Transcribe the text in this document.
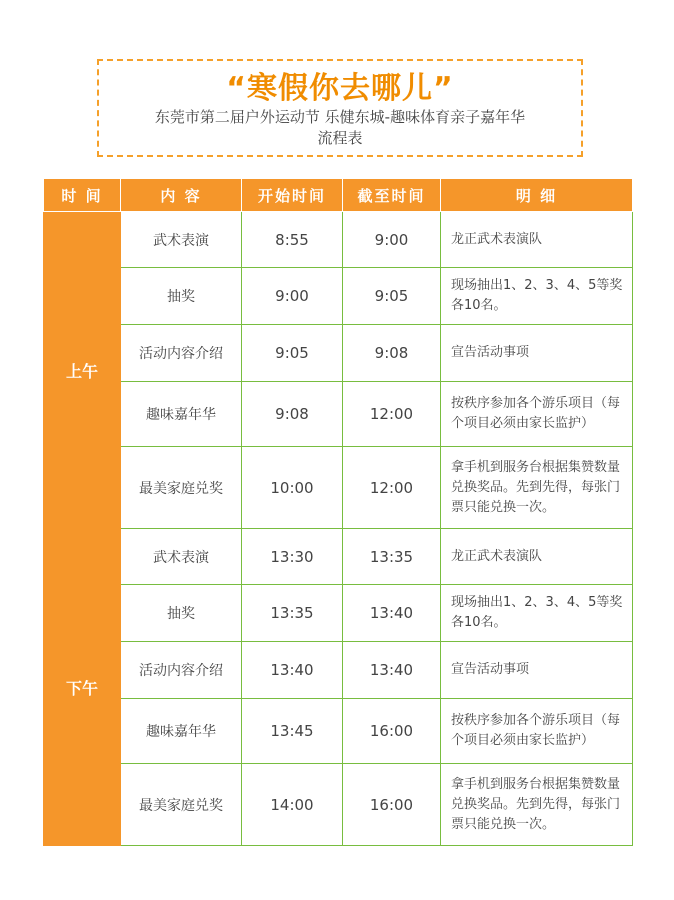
“寒假你去哪儿”
东莞市第二届户外运动节 乐健东城-趣味体育亲子嘉年华
流程表
时 间	内 容	开始时间	截至时间	明 细
上午	武术表演	8:55	9:00	龙正武术表演队
	抽奖	9:00	9:05	现场抽出1、2、3、4、5等奖各10名。
	活动内容介绍	9:05	9:08	宣告活动事项
	趣味嘉年华	9:08	12:00	按秩序参加各个游乐项目（每个项目必须由家长监护）
	最美家庭兑奖	10:00	12:00	拿手机到服务台根据集赞数量兑换奖品。先到先得，每张门票只能兑换一次。
下午	武术表演	13:30	13:35	龙正武术表演队
	抽奖	13:35	13:40	现场抽出1、2、3、4、5等奖各10名。
	活动内容介绍	13:40	13:40	宣告活动事项
	趣味嘉年华	13:45	16:00	按秩序参加各个游乐项目（每个项目必须由家长监护）
	最美家庭兑奖	14:00	16:00	拿手机到服务台根据集赞数量兑换奖品。先到先得，每张门票只能兑换一次。
